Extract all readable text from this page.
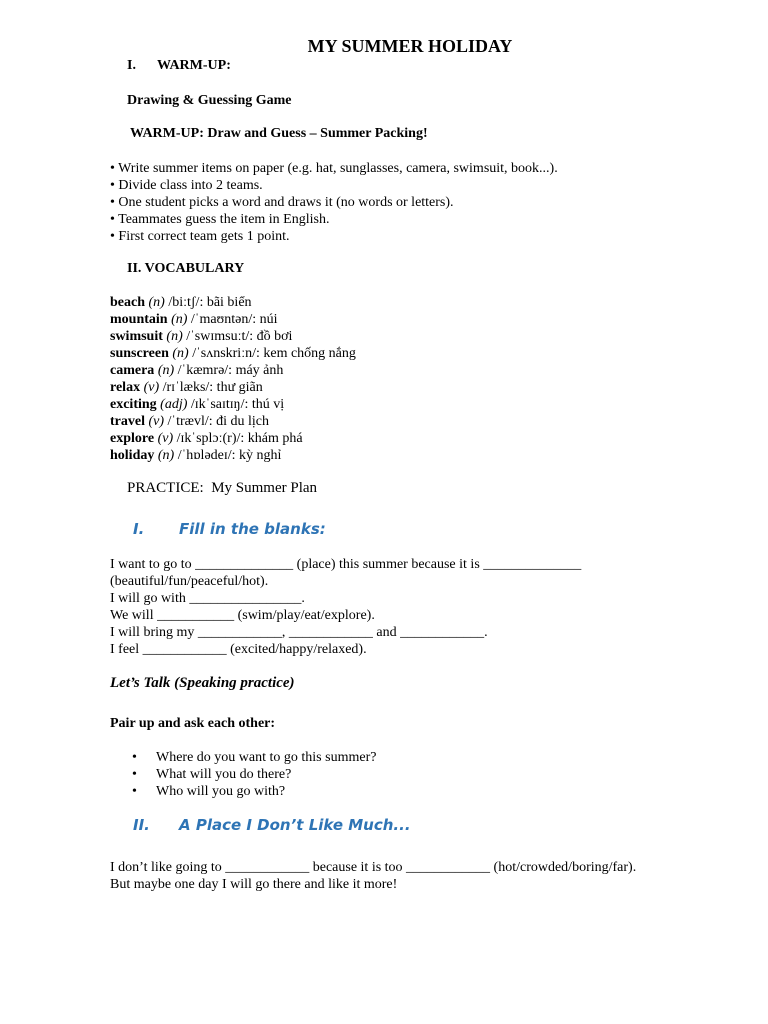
MY SUMMER HOLIDAY
I. WARM-UP:
Drawing & Guessing Game
WARM-UP: Draw and Guess – Summer Packing!
• Write summer items on paper (e.g. hat, sunglasses, camera, swimsuit, book...).
• Divide class into 2 teams.
• One student picks a word and draws it (no words or letters).
• Teammates guess the item in English.
• First correct team gets 1 point.
II. VOCABULARY
beach (n) /biːtʃ/: bãi biển
mountain (n) /ˈmaʊntən/: núi
swimsuit (n) /ˈswɪmsuːt/: đồ bơi
sunscreen (n) /ˈsʌnskriːn/: kem chống nắng
camera (n) /ˈkæmrə/: máy ảnh
relax (v) /rɪˈlæks/: thư giãn
exciting (adj) /ɪkˈsaɪtɪŋ/: thú vị
travel (v) /ˈtrævl/: đi du lịch
explore (v) /ɪkˈsplɔː(r)/: khám phá
holiday (n) /ˈhɒlədeɪ/: kỳ nghỉ
PRACTICE: My Summer Plan
I. Fill in the blanks:
I want to go to ______________ (place) this summer because it is ______________
(beautiful/fun/peaceful/hot).
I will go with ________________.
We will ___________ (swim/play/eat/explore).
I will bring my ____________, ____________ and ____________.
I feel ____________ (excited/happy/relaxed).
Let’s Talk (Speaking practice)
Pair up and ask each other:
• Where do you want to go this summer?
• What will you do there?
• Who will you go with?
II. A Place I Don’t Like Much...
I don’t like going to ____________ because it is too ____________ (hot/crowded/boring/far).
But maybe one day I will go there and like it more!
